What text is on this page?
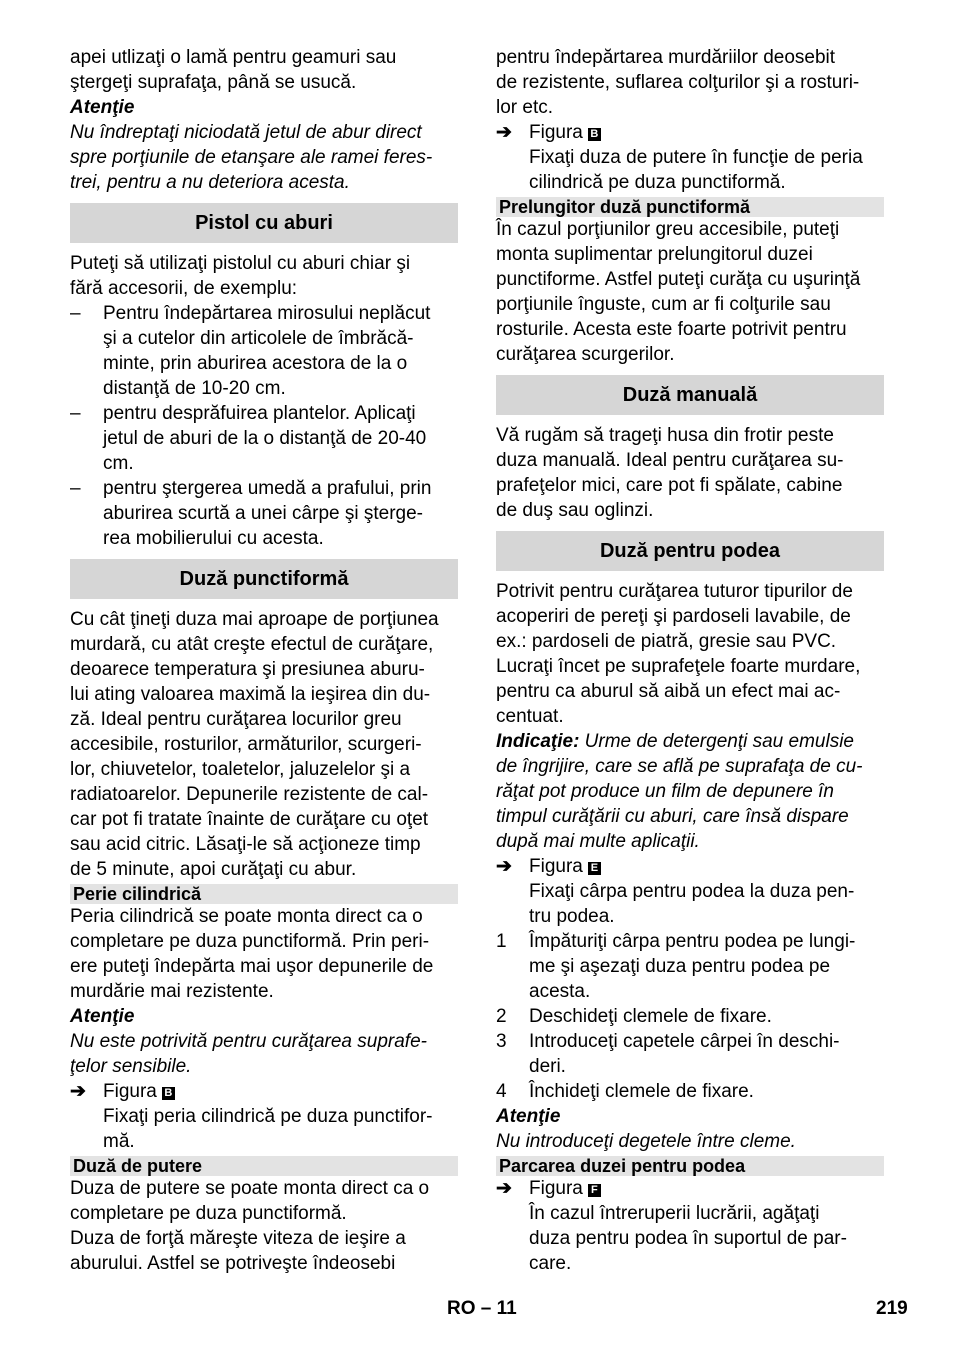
apei utlizaţi o lamă pentru geamuri sau
ştergeţi suprafaţa, până se usucă.

Atenţie

Nu îndreptaţi niciodată jetul de abur direct
spre porţiunile de etanşare ale ramei feres-
trei, pentru a nu deteriora acesta.

Pistol cu aburi

Puteţi să utilizaţi pistolul cu aburi chiar şi
fără accesorii, de exemplu:

– Pentru îndepărtarea mirosului neplăcut
şi a cutelor din articolele de îmbrăcă-
minte, prin aburirea acestora de la o
distanţă de 10-20 cm.
– pentru desprăfuirea plantelor. Aplicaţi
jetul de aburi de la o distanţă de 20-40
cm.
– pentru ştergerea umedă a prafului, prin
aburirea scurtă a unei cârpe şi şterge-
rea mobilierului cu acesta.
Duză punctiformă

Cu cât ţineţi duza mai aproape de porţiunea
murdară, cu atât creşte efectul de curăţare,
deoarece temperatura şi presiunea aburu-
lui ating valoarea maximă la ieşirea din du-
ză. Ideal pentru curăţarea locurilor greu
accesibile, rosturilor, armăturilor, scurgeri-
lor, chiuvetelor, toaletelor, jaluzelelor şi a
radiatoarelor. Depunerile rezistente de cal-
car pot fi tratate înainte de curăţare cu oţet
sau acid citric. Lăsaţi-le să acţioneze timp
de 5 minute, apoi curăţaţi cu abur.

Perie cilindrică

Peria cilindrică se poate monta direct ca o
completare pe duza punctiformă. Prin peri-
ere puteţi îndepărta mai uşor depunerile de
murdărie mai rezistente.

Atenţie

Nu este potrivită pentru curăţarea suprafe-
ţelor sensibile.

➔ Figura B

Fixaţi peria cilindrică pe duza punctifor-
mă.

Duză de putere

Duza de putere se poate monta direct ca o
completare pe duza punctiformă.
Duza de forţă măreşte viteza de ieşire a
aburului. Astfel se potriveşte îndeosebi

pentru îndepărtarea murdăriilor deosebit
de rezistente, suflarea colţurilor şi a rosturi-
lor etc.

➔ Figura B

Fixaţi duza de putere în funcţie de peria
cilindrică pe duza punctiformă.

Prelungitor duză punctiformă

În cazul porţiunilor greu accesibile, puteţi
monta suplimentar prelungitorul duzei
punctiforme. Astfel puteţi curăţa cu uşurinţă
porţiunile înguste, cum ar fi colţurile sau
rosturile. Acesta este foarte potrivit pentru
curăţarea scurgerilor.

Duză manuală

Vă rugăm să trageţi husa din frotir peste
duza manuală. Ideal pentru curăţarea su-
prafeţelor mici, care pot fi spălate, cabine
de duş sau oglinzi.

Duză pentru podea

Potrivit pentru curăţarea tuturor tipurilor de
acoperiri de pereţi şi pardoseli lavabile, de
ex.: pardoseli de piatră, gresie sau PVC.
Lucraţi încet pe suprafeţele foarte murdare,
pentru ca aburul să aibă un efect mai ac-
centuat.

Indicaţie: Urme de detergenţi sau emulsie
de îngrijire, care se află pe suprafaţa de cu-
răţat pot produce un film de depunere în
timpul curăţării cu aburi, care însă dispare
după mai multe aplicaţii.

➔ Figura E

Fixaţi cârpa pentru podea la duza pen-
tru podea.

1 Împăturiţi cârpa pentru podea pe lungi-
me şi aşezaţi duza pentru podea pe
acesta.
2 Deschideţi clemele de fixare.
3 Introduceţi capetele cârpei în deschi-
deri.
4 Închideţi clemele de fixare.

Atenţie

Nu introduceţi degetele între cleme.

Parcarea duzei pentru podea
➔ Figura F

În cazul întreruperii lucrării, agăţaţi
duza pentru podea în suportul de par-
care.

RO – 11	219
